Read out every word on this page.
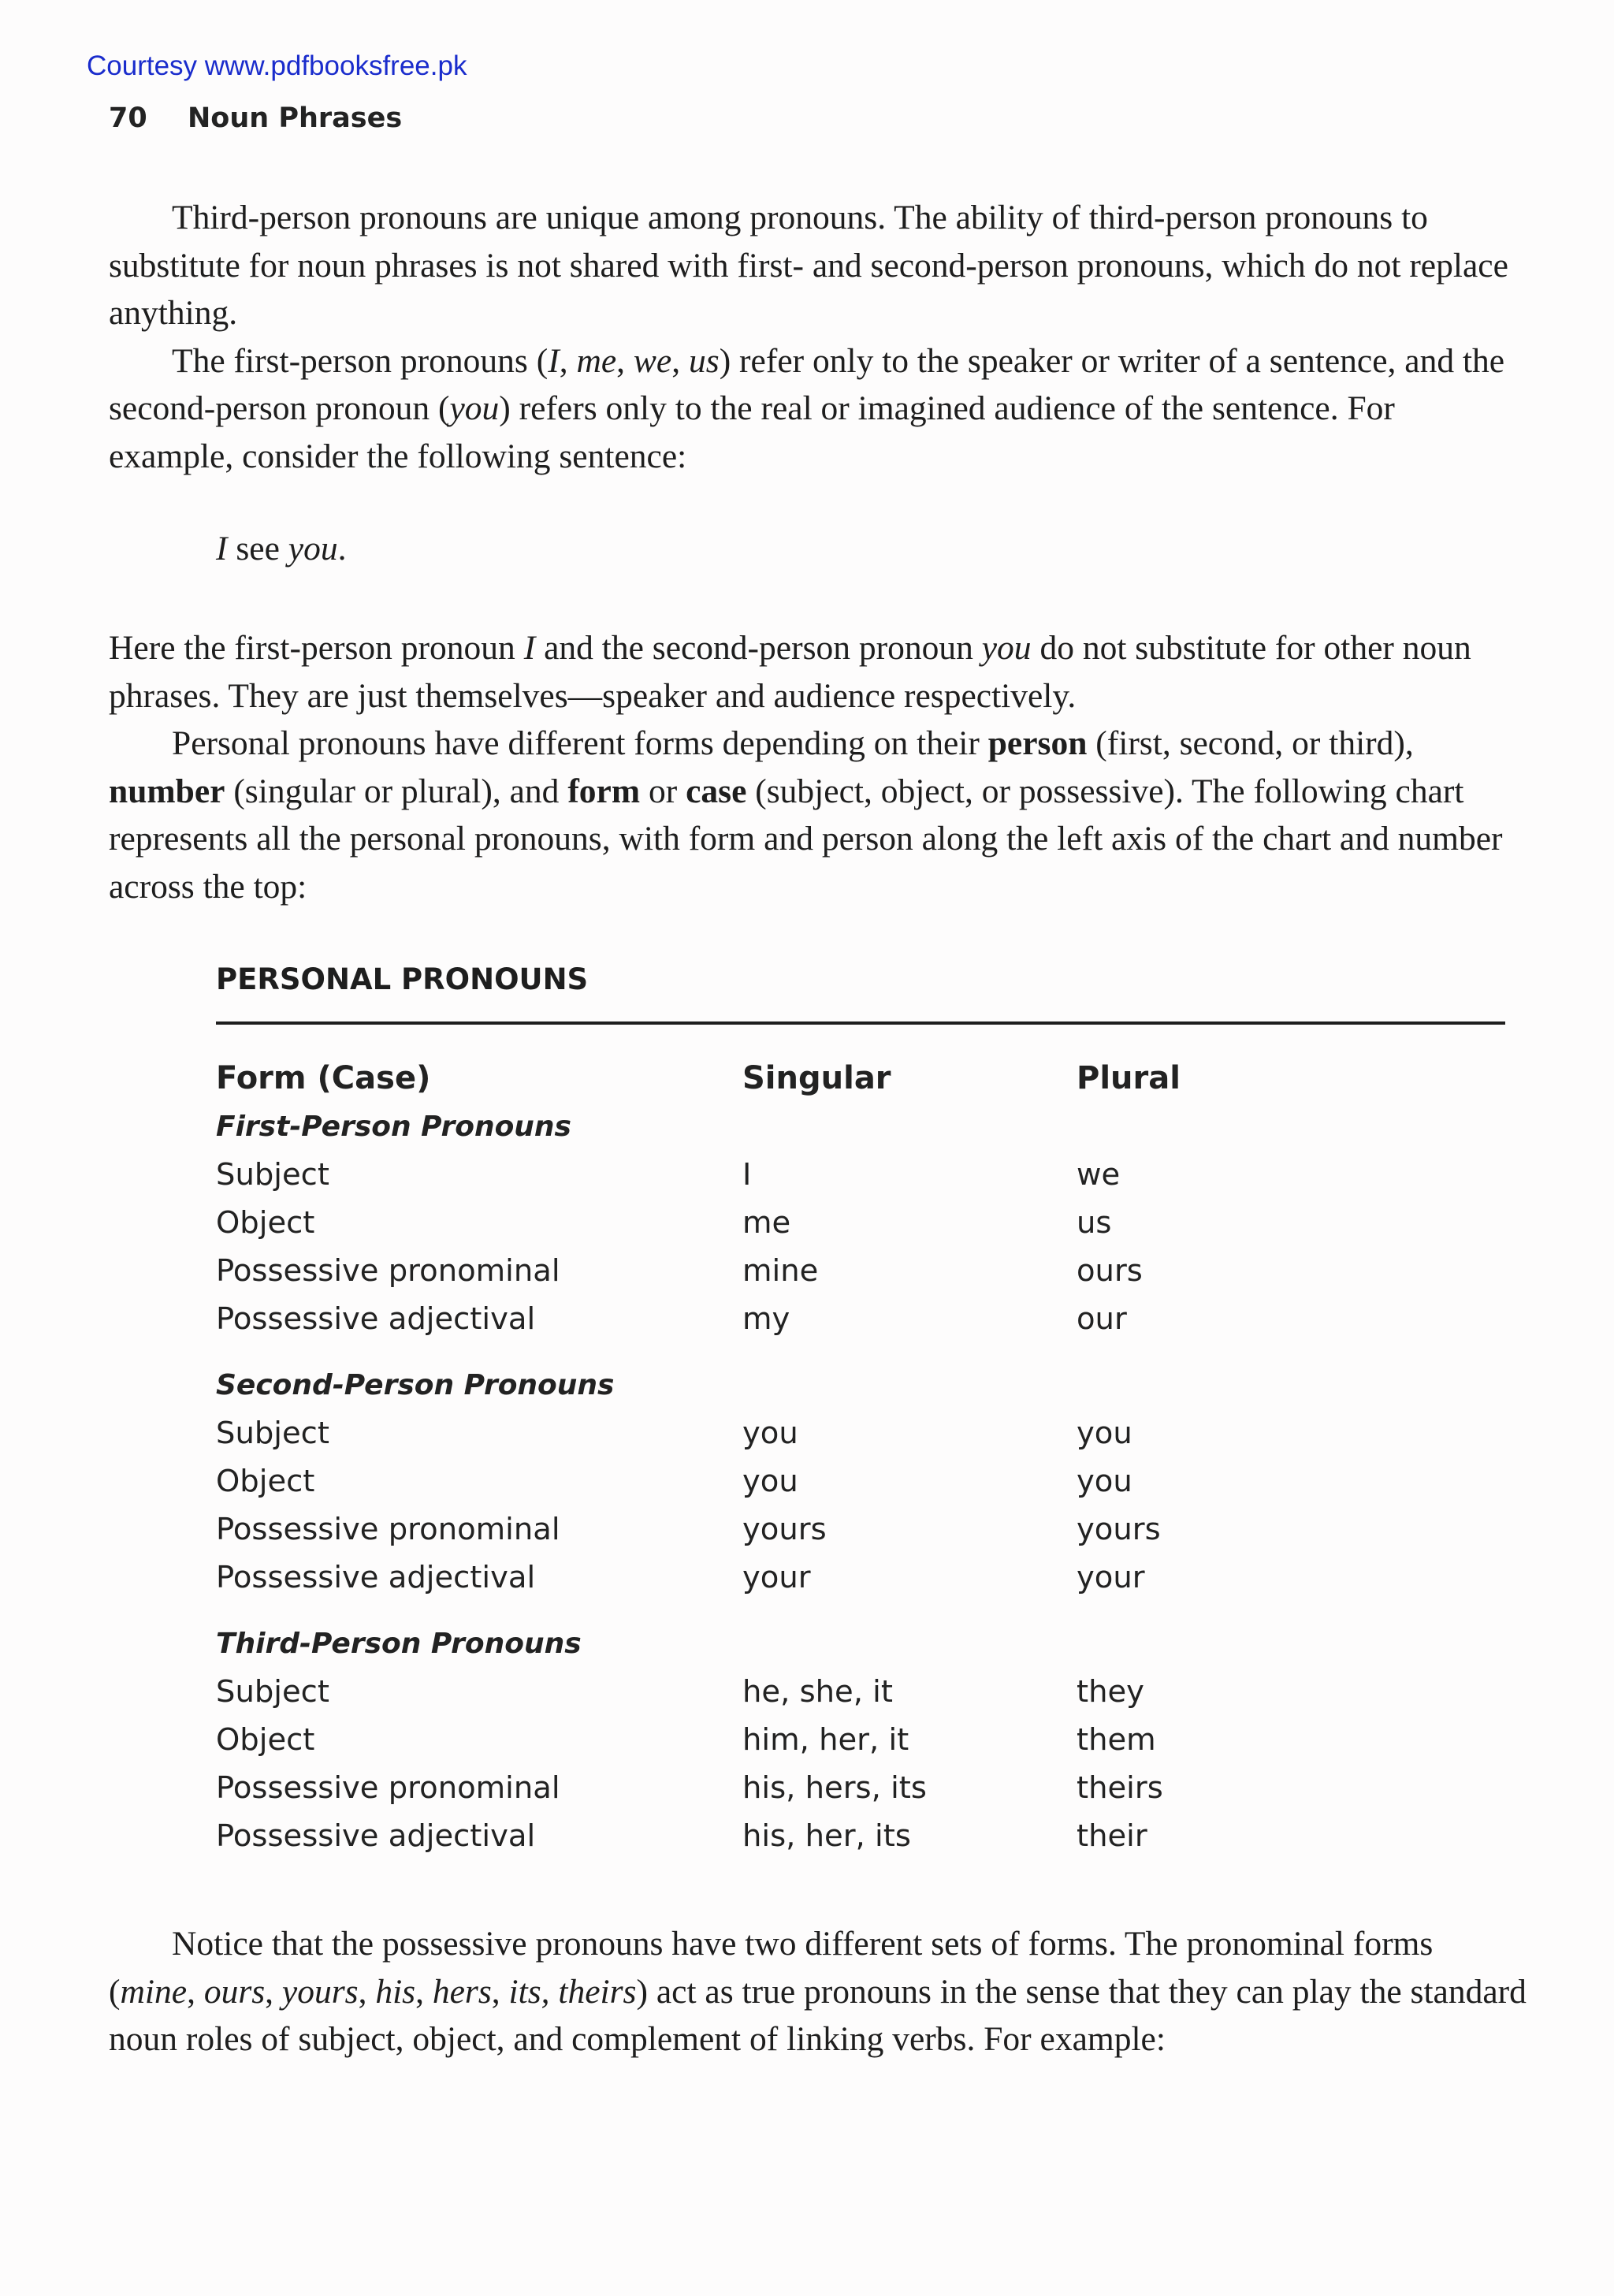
Courtesy www.pdfbooksfree.pk
70 Noun Phrases

Third-person pronouns are unique among pronouns. The ability of third-person pronouns to substitute for noun phrases is not shared with first- and second-person pronouns, which do not replace anything.

The first-person pronouns (I, me, we, us) refer only to the speaker or writer of a sentence, and the second-person pronoun (you) refers only to the real or imagined audience of the sentence. For example, consider the following sentence:

I see you.

Here the first-person pronoun I and the second-person pronoun you do not substitute for other noun phrases. They are just themselves—speaker and audience respectively.

Personal pronouns have different forms depending on their person (first, second, or third), number (singular or plural), and form or case (subject, object, or possessive). The following chart represents all the personal pronouns, with form and person along the left axis of the chart and number across the top:

PERSONAL PRONOUNS
Form (Case)	Singular	Plural
First-Person Pronouns
Subject	I	we
Object	me	us
Possessive pronominal	mine	ours
Possessive adjectival	my	our
Second-Person Pronouns
Subject	you	you
Object	you	you
Possessive pronominal	yours	yours
Possessive adjectival	your	your
Third-Person Pronouns
Subject	he, she, it	they
Object	him, her, it	them
Possessive pronominal	his, hers, its	theirs
Possessive adjectival	his, her, its	their

Notice that the possessive pronouns have two different sets of forms. The pronominal forms (mine, ours, yours, his, hers, its, theirs) act as true pronouns in the sense that they can play the standard noun roles of subject, object, and complement of linking verbs. For example:
